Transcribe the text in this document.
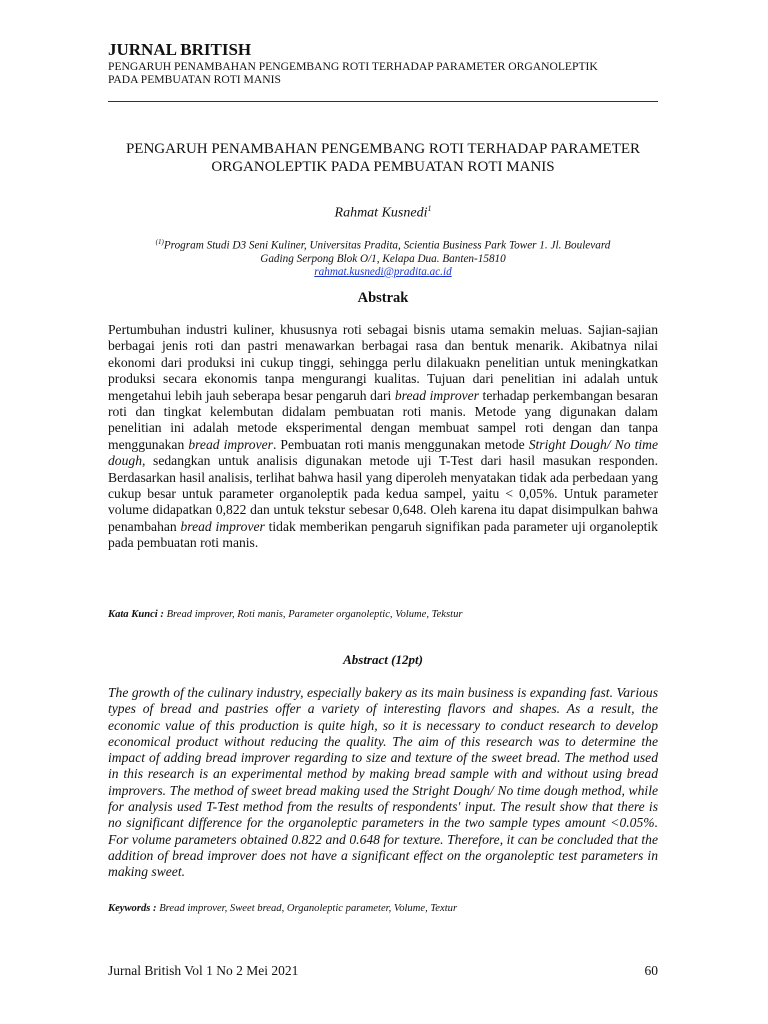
JURNAL BRITISH
PENGARUH PENAMBAHAN PENGEMBANG ROTI TERHADAP PARAMETER ORGANOLEPTIK
PADA PEMBUATAN ROTI MANIS
PENGARUH PENAMBAHAN PENGEMBANG ROTI TERHADAP PARAMETER
ORGANOLEPTIK PADA PEMBUATAN ROTI MANIS
Rahmat Kusnedi$^1$
$^{(1)}$Program Studi D3 Seni Kuliner, Universitas Pradita, Scientia Business Park Tower 1. Jl. Boulevard
Gading Serpong Blok O/1, Kelapa Dua. Banten-15810
rahmat.kusnedi@pradita.ac.id
Abstrak

Pertumbuhan industri kuliner, khususnya roti sebagai bisnis utama semakin meluas. Sajian-sajian berbagai jenis roti dan pastri menawarkan berbagai rasa dan bentuk menarik. Akibatnya nilai ekonomi dari produksi ini cukup tinggi, sehingga perlu dilakuakn penelitian untuk meningkatkan produksi secara ekonomis tanpa mengurangi kualitas. Tujuan dari penelitian ini adalah untuk mengetahui lebih jauh seberapa besar pengaruh dari bread improver terhadap perkembangan besaran roti dan tingkat kelembutan didalam pembuatan roti manis. Metode yang digunakan dalam penelitian ini adalah metode eksperimental dengan membuat sampel roti dengan dan tanpa menggunakan bread improver. Pembuatan roti manis menggunakan metode Stright Dough/ No time dough, sedangkan untuk analisis digunakan metode uji T-Test dari hasil masukan responden. Berdasarkan hasil analisis, terlihat bahwa hasil yang diperoleh menyatakan tidak ada perbedaan yang cukup besar untuk parameter organoleptik pada kedua sampel, yaitu < 0,05%. Untuk parameter volume didapatkan 0,822 dan untuk tekstur sebesar 0,648. Oleh karena itu dapat disimpulkan bahwa penambahan bread improver tidak memberikan pengaruh signifikan pada parameter uji organoleptik pada pembuatan roti manis.

Kata Kunci : Bread improver, Roti manis, Parameter organoleptic, Volume, Tekstur
Abstract (12pt)

The growth of the culinary industry, especially bakery as its main business is expanding fast. Various types of bread and pastries offer a variety of interesting flavors and shapes. As a result, the economic value of this production is quite high, so it is necessary to conduct research to develop economical product without reducing the quality. The aim of this research was to determine the impact of adding bread improver regarding to size and texture of the sweet bread. The method used in this research is an experimental method by making bread sample with and without using bread improvers. The method of sweet bread making used the Stright Dough/ No time dough method, while for analysis used T-Test method from the results of respondents' input. The result show that there is no significant difference for the organoleptic parameters in the two sample types amount <0.05%. For volume parameters obtained 0.822 and 0.648 for texture. Therefore, it can be concluded that the addition of bread improver does not have a significant effect on the organoleptic test parameters in making sweet.

Keywords : Bread improver, Sweet bread, Organoleptic parameter, Volume, Textur
Jurnal British Vol 1 No 2 Mei 2021	60
